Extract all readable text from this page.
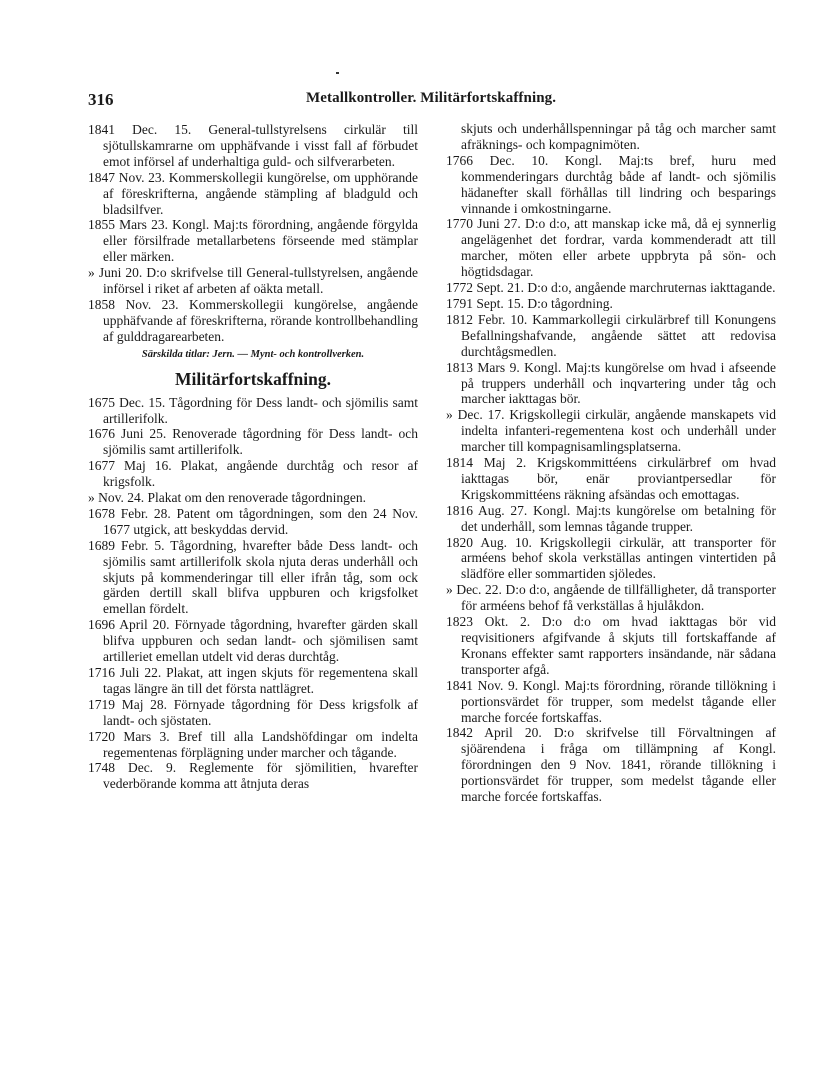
316	Metallkontroller. Militärfortskaffning.

1841 Dec. 15. General-tullstyrelsens cirkulär till sjötullskamrarne om upphäfvande i visst fall af förbudet emot införsel af underhaltiga guld- och silfverarbeten.

1847 Nov. 23. Kommerskollegii kungörelse, om upphörande af föreskrifterna, angående stämpling af bladguld och bladsilfver.

1855 Mars 23. Kongl. Maj:ts förordning, angående förgylda eller försilfrade metallarbetens förseende med stämplar eller märken.

» Juni 20. D:o skrifvelse till General-tullstyrelsen, angående införsel i riket af arbeten af oäkta metall.

1858 Nov. 23. Kommerskollegii kungörelse, angående upphäfvande af föreskrifterna, rörande kontrollbehandling af gulddragarearbeten.

Särskilda titlar: Jern. — Mynt- och kontrollverken.
Militärfortskaffning.

1675 Dec. 15. Tågordning för Dess landt- och sjömilis samt artillerifolk.

1676 Juni 25. Renoverade tågordning för Dess landt- och sjömilis samt artillerifolk.

1677 Maj 16. Plakat, angående durchtåg och resor af krigsfolk.

» Nov. 24. Plakat om den renoverade tågordningen.

1678 Febr. 28. Patent om tågordningen, som den 24 Nov. 1677 utgick, att beskyddas dervid.

1689 Febr. 5. Tågordning, hvarefter både Dess landt- och sjömilis samt artillerifolk skola njuta deras underhåll och skjuts på kommenderingar till eller ifrån tåg, som ock gärden dertill skall blifva uppburen och krigsfolket emellan fördelt.

1696 April 20. Förnyade tågordning, hvarefter gärden skall blifva uppburen och sedan landt- och sjömilisen samt artilleriet emellan utdelt vid deras durchtåg.

1716 Juli 22. Plakat, att ingen skjuts för regementena skall tagas längre än till det första nattlägret.

1719 Maj 28. Förnyade tågordning för Dess krigsfolk af landt- och sjöstaten.

1720 Mars 3. Bref till alla Landshöfdingar om indelta regementenas förplägning under marcher och tågande.

1748 Dec. 9. Reglemente för sjömilitien, hvarefter vederbörande komma att åtnjuta deras

skjuts och underhållspenningar på tåg och marcher samt afräknings- och kompagnimöten.

1766 Dec. 10. Kongl. Maj:ts bref, huru med kommenderingars durchtåg både af landt- och sjömilis hädanefter skall förhållas till lindring och besparings vinnande i omkostningarne.

1770 Juni 27. D:o d:o, att manskap icke må, då ej synnerlig angelägenhet det fordrar, varda kommenderadt att till marcher, möten eller arbete uppbryta på sön- och högtidsdagar.

1772 Sept. 21. D:o d:o, angående marchruternas iakttagande.

1791 Sept. 15. D:o tågordning.

1812 Febr. 10. Kammarkollegii cirkulärbref till Konungens Befallningshafvande, angående sättet att redovisa durchtågsmedlen.

1813 Mars 9. Kongl. Maj:ts kungörelse om hvad i afseende på truppers underhåll och inqvartering under tåg och marcher iakttagas bör.

» Dec. 17. Krigskollegii cirkulär, angående manskapets vid indelta infanteri-regementena kost och underhåll under marcher till kompagnisamlingsplatserna.

1814 Maj 2. Krigskommittéens cirkulärbref om hvad iakttagas bör, enär proviantpersedlar för Krigskommittéens räkning afsändas och emottagas.

1816 Aug. 27. Kongl. Maj:ts kungörelse om betalning för det underhåll, som lemnas tågande trupper.

1820 Aug. 10. Krigskollegii cirkulär, att transporter för arméens behof skola verkställas antingen vintertiden på slädföre eller sommartiden sjöledes.

» Dec. 22. D:o d:o, angående de tillfälligheter, då transporter för arméens behof få verkställas å hjulåkdon.

1823 Okt. 2. D:o d:o om hvad iakttagas bör vid reqvisitioners afgifvande å skjuts till fortskaffande af Kronans effekter samt rapporters insändande, när sådana transporter afgå.

1841 Nov. 9. Kongl. Maj:ts förordning, rörande tillökning i portionsvärdet för trupper, som medelst tågande eller marche forcée fortskaffas.

1842 April 20. D:o skrifvelse till Förvaltningen af sjöärendena i fråga om tillämpning af Kongl. förordningen den 9 Nov. 1841, rörande tillökning i portionsvärdet för trupper, som medelst tågande eller marche forcée fortskaffas.
